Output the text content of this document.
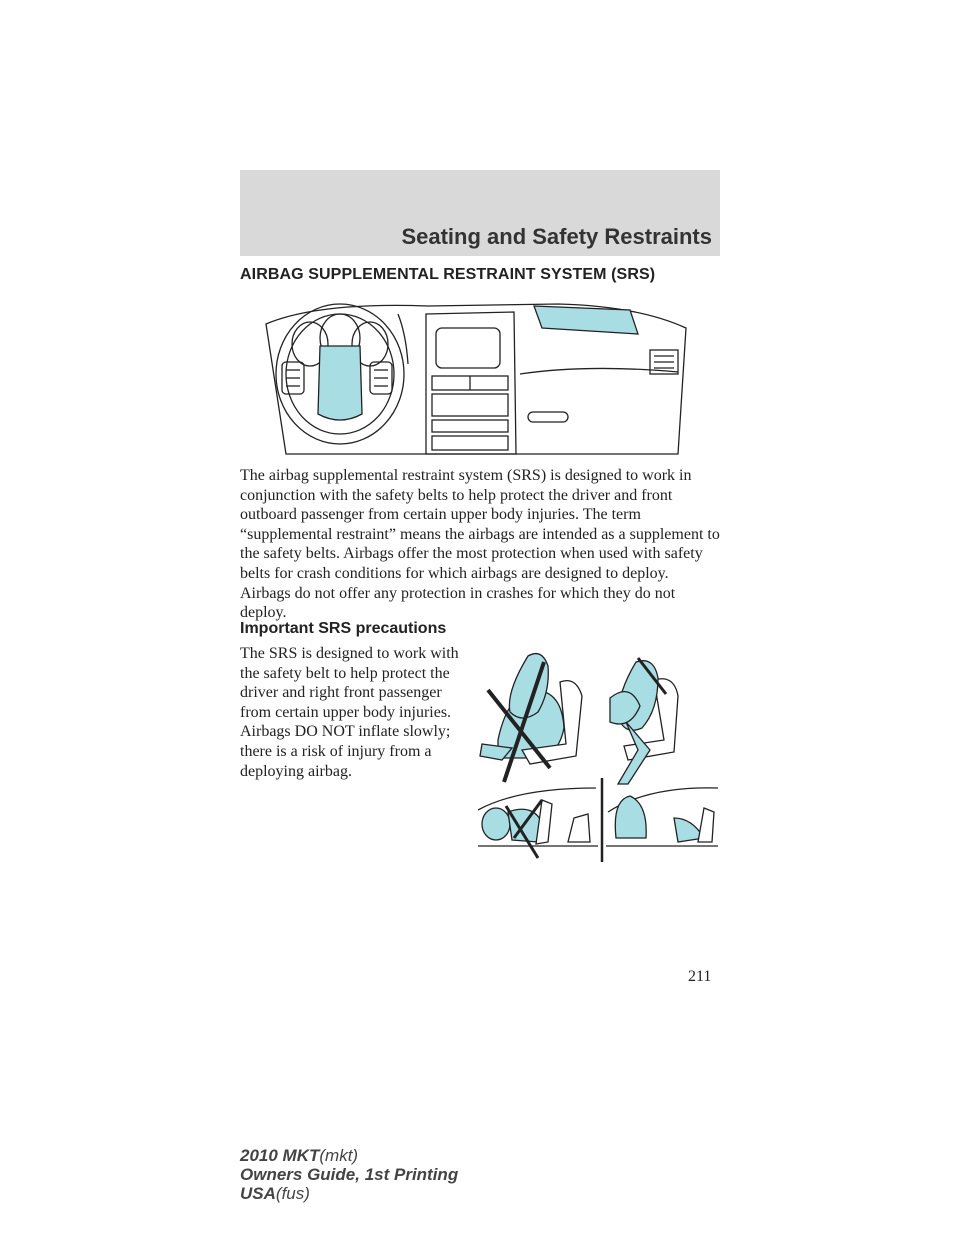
Seating and Safety Restraints
AIRBAG SUPPLEMENTAL RESTRAINT SYSTEM (SRS)

The airbag supplemental restraint system (SRS) is designed to work in conjunction with the safety belts to help protect the driver and front outboard passenger from certain upper body injuries. The term “supplemental restraint” means the airbags are intended as a supplement to the safety belts. Airbags offer the most protection when used with safety belts for crash conditions for which airbags are designed to deploy. Airbags do not offer any protection in crashes for which they do not deploy.

Important SRS precautions

The SRS is designed to work with the safety belt to help protect the driver and right front passenger from certain upper body injuries. Airbags DO NOT inflate slowly; there is a risk of injury from a deploying airbag.

211
2010 MKT(mkt)
Owners Guide, 1st Printing
USA(fus)
